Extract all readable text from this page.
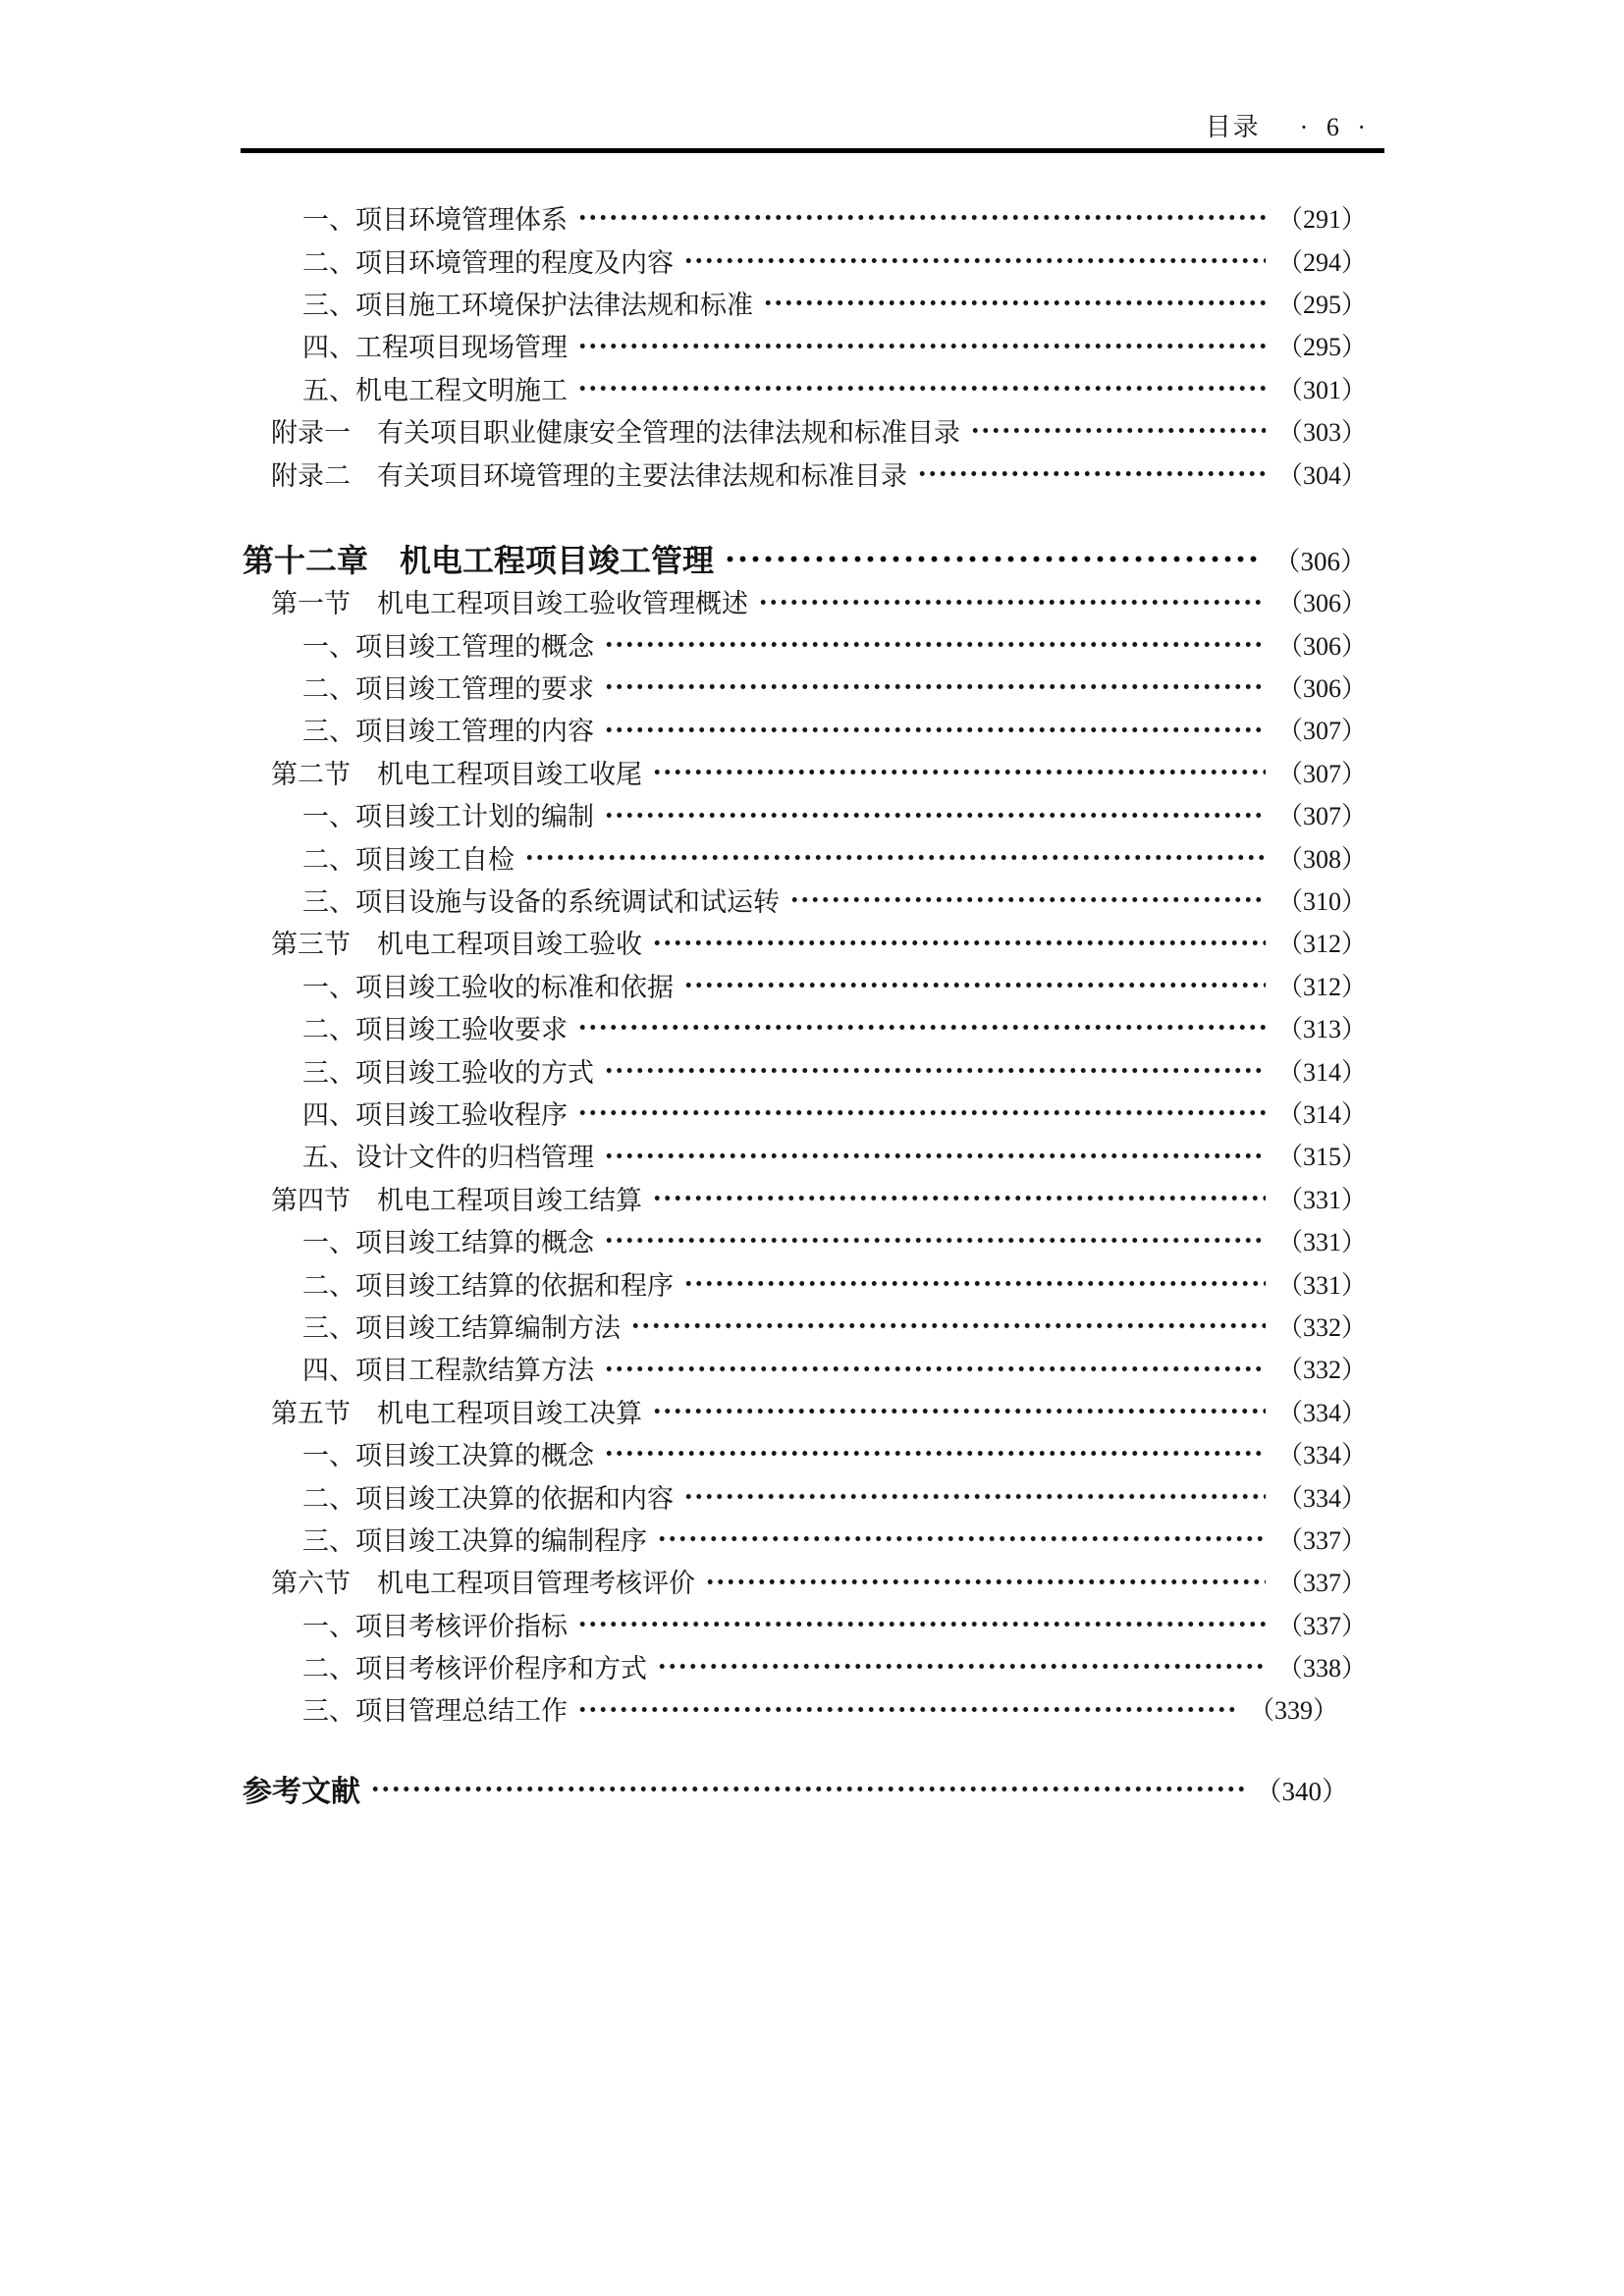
目录 · 6 ·
一、项目环境管理体系	（291）
二、项目环境管理的程度及内容	（294）
三、项目施工环境保护法律法规和标准	（295）
四、工程项目现场管理	（295）
五、机电工程文明施工	（301）
附录一　有关项目职业健康安全管理的法律法规和标准目录	（303）
附录二　有关项目环境管理的主要法律法规和标准目录	（304）
第十二章　机电工程项目竣工管理	（306）
第一节　机电工程项目竣工验收管理概述	（306）
一、项目竣工管理的概念	（306）
二、项目竣工管理的要求	（306）
三、项目竣工管理的内容	（307）
第二节　机电工程项目竣工收尾	（307）
一、项目竣工计划的编制	（307）
二、项目竣工自检	（308）
三、项目设施与设备的系统调试和试运转	（310）
第三节　机电工程项目竣工验收	（312）
一、项目竣工验收的标准和依据	（312）
二、项目竣工验收要求	（313）
三、项目竣工验收的方式	（314）
四、项目竣工验收程序	（314）
五、设计文件的归档管理	（315）
第四节　机电工程项目竣工结算	（331）
一、项目竣工结算的概念	（331）
二、项目竣工结算的依据和程序	（331）
三、项目竣工结算编制方法	（332）
四、项目工程款结算方法	（332）
第五节　机电工程项目竣工决算	（334）
一、项目竣工决算的概念	（334）
二、项目竣工决算的依据和内容	（334）
三、项目竣工决算的编制程序	（337）
第六节　机电工程项目管理考核评价	（337）
一、项目考核评价指标	（337）
二、项目考核评价程序和方式	（338）
三、项目管理总结工作	（339）
参考文献	（340）
